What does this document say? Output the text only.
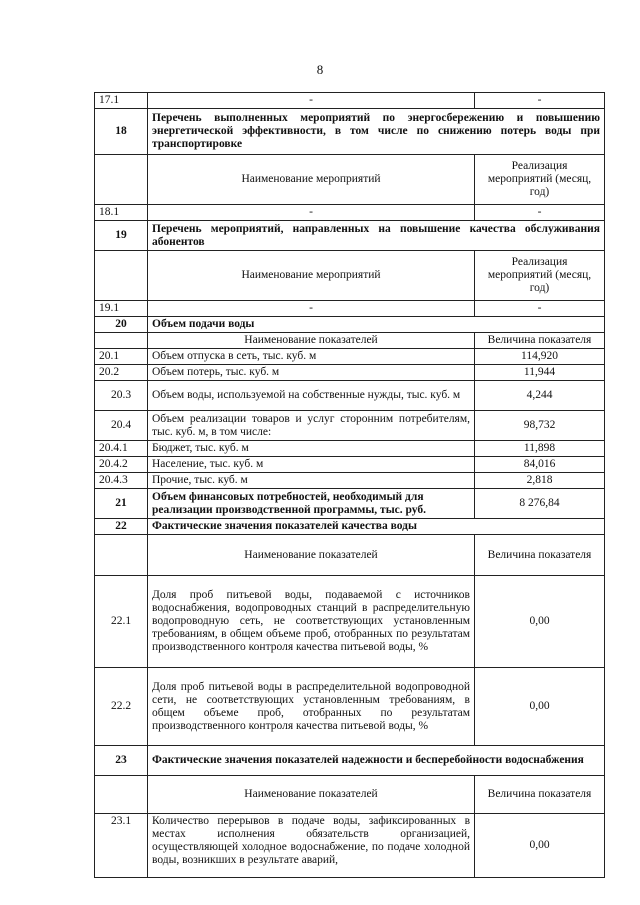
8
17.1	-	-
18	Перечень выполненных мероприятий по энергосбережению и повышению энергетической эффективности, в том числе по снижению потерь воды при транспортировке	
	Наименование мероприятий	Реализация мероприятий (месяц, год)
18.1	-	-
19	Перечень мероприятий, направленных на повышение качества обслуживания абонентов	
	Наименование мероприятий	Реализация мероприятий (месяц, год)
19.1	-	-
20	Объем подачи воды	
	Наименование показателей	Величина показателя
20.1	Объем отпуска в сеть, тыс. куб. м	114,920
20.2	Объем потерь, тыс. куб. м	11,944
20.3	Объем воды, используемой на собственные нужды, тыс. куб. м	4,244
20.4	Объем реализации товаров и услуг сторонним потребителям, тыс. куб. м, в том числе:	98,732
20.4.1	Бюджет, тыс. куб. м	11,898
20.4.2	Население, тыс. куб. м	84,016
20.4.3	Прочие, тыс. куб. м	2,818
21	Объем финансовых потребностей, необходимый для реализации производственной программы, тыс. руб.	8 276,84
22	Фактические значения показателей качества воды	
	Наименование показателей	Величина показателя
22.1	Доля проб питьевой воды, подаваемой с источников водоснабжения, водопроводных станций в распределительную водопроводную сеть, не соответствующих установленным требованиям, в общем объеме проб, отобранных по результатам производственного контроля качества питьевой воды, %	0,00
22.2	Доля проб питьевой воды в распределительной водопроводной сети, не соответствующих установленным требованиям, в общем объеме проб, отобранных по результатам производственного контроля качества питьевой воды, %	0,00
23	Фактические значения показателей надежности и бесперебойности водоснабжения	
	Наименование показателей	Величина показателя
23.1	Количество перерывов в подаче воды, зафиксированных в местах исполнения обязательств организацией, осуществляющей холодное водоснабжение, по подаче холодной воды, возникших в результате аварий,	0,00
